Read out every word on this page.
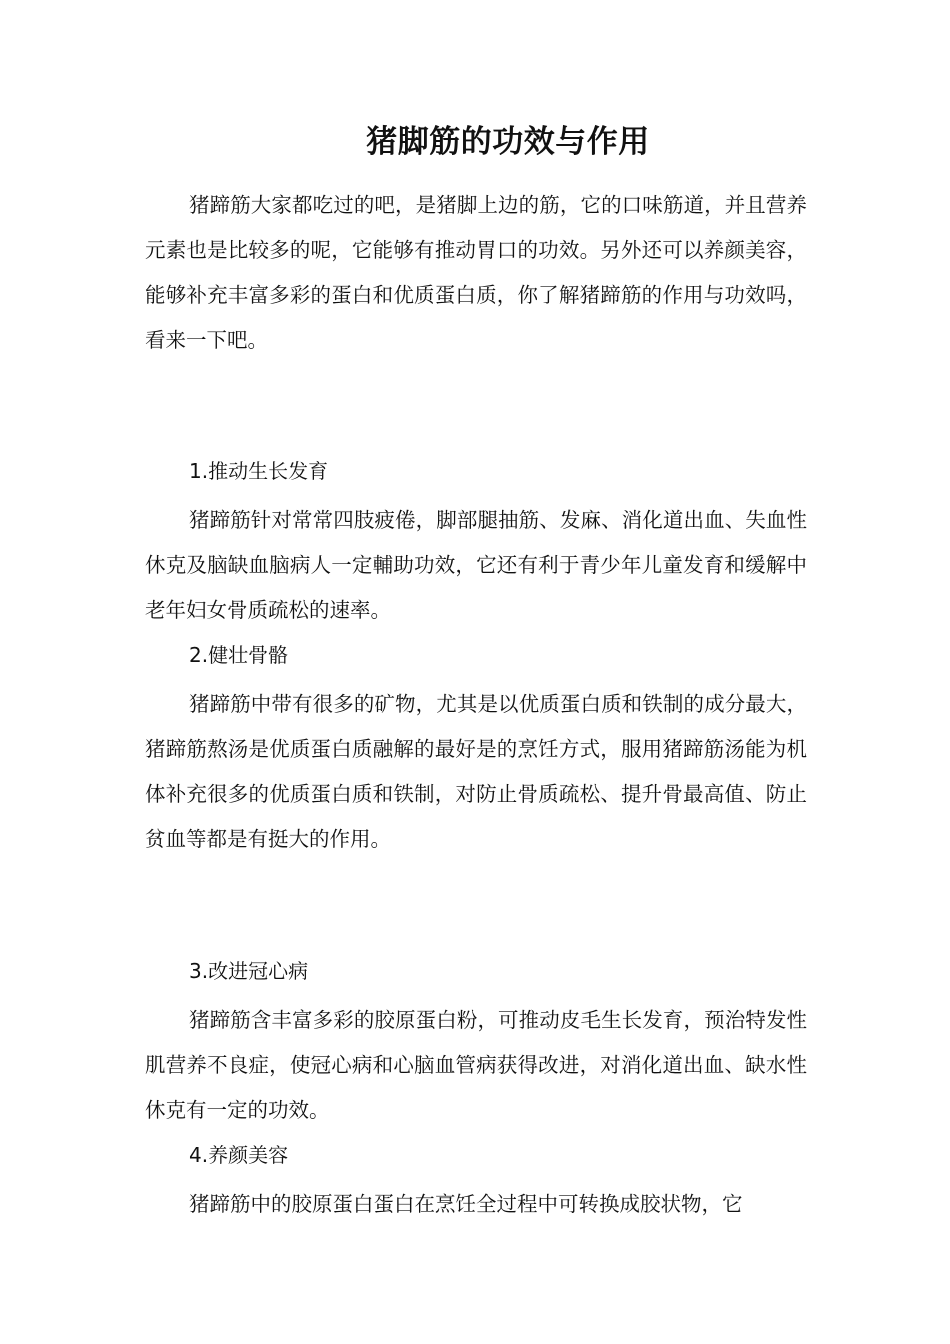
猪脚筋的功效与作用

猪蹄筋大家都吃过的吧，是猪脚上边的筋，它的口味筋道，并且营养元素也是比较多的呢，它能够有推动胃口的功效。另外还可以养颜美容，能够补充丰富多彩的蛋白和优质蛋白质，你了解猪蹄筋的作用与功效吗，看来一下吧。

1.推动生长发育

猪蹄筋针对常常四肢疲倦，脚部腿抽筋、发麻、消化道出血、失血性休克及脑缺血脑病人一定輔助功效，它还有利于青少年儿童发育和缓解中老年妇女骨质疏松的速率。

2.健壮骨骼

猪蹄筋中带有很多的矿物，尤其是以优质蛋白质和铁制的成分最大，猪蹄筋熬汤是优质蛋白质融解的最好是的烹饪方式，服用猪蹄筋汤能为机体补充很多的优质蛋白质和铁制，对防止骨质疏松、提升骨最高值、防止贫血等都是有挺大的作用。

3.改进冠心病

猪蹄筋含丰富多彩的胶原蛋白粉，可推动皮毛生长发育，预治特发性肌营养不良症，使冠心病和心脑血管病获得改进，对消化道出血、缺水性休克有一定的功效。

4.养颜美容

猪蹄筋中的胶原蛋白蛋白在烹饪全过程中可转换成胶状物，它
